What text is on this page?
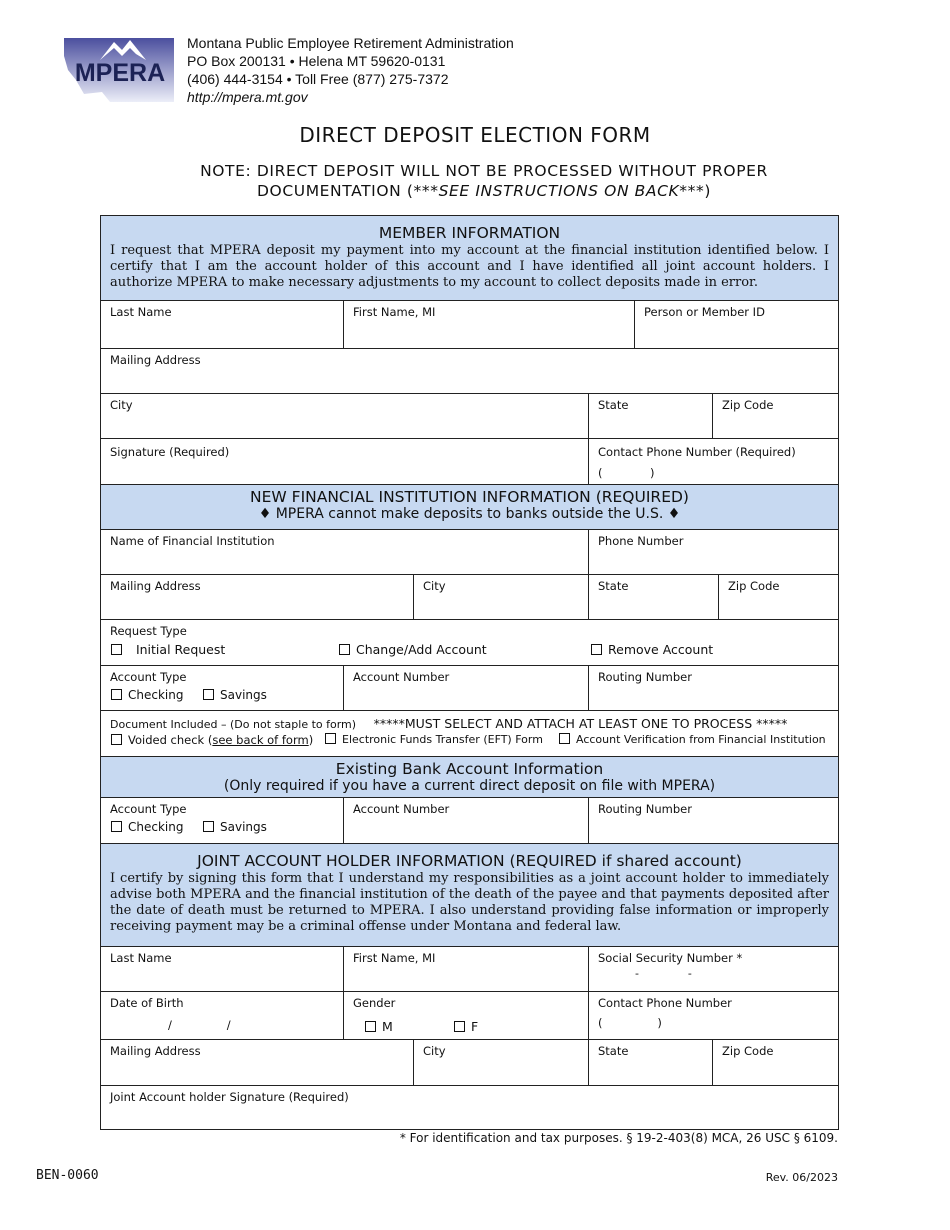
MPERA
Montana Public Employee Retirement Administration
PO Box 200131 • Helena MT 59620-0131
(406) 444-3154 • Toll Free (877) 275-7372
http://mpera.mt.gov
DIRECT DEPOSIT ELECTION FORM
NOTE: DIRECT DEPOSIT WILL NOT BE PROCESSED WITHOUT PROPER
DOCUMENTATION (***SEE INSTRUCTIONS ON BACK***)
MEMBER INFORMATION
I request that MPERA deposit my payment into my account at the financial institution identified below. I certify that I am the account holder of this account and I have identified all joint account holders. I authorize MPERA to make necessary adjustments to my account to collect deposits made in error.
Last Name	First Name, MI	Person or Member ID
Mailing Address
City	State	Zip Code
Signature (Required)	Contact Phone Number (Required)
(             )
NEW FINANCIAL INSTITUTION INFORMATION (REQUIRED)
♦ MPERA cannot make deposits to banks outside the U.S. ♦
Name of Financial Institution	Phone Number
Mailing Address	City	State	Zip Code
Request Type
Initial Request	Change/Add Account	Remove Account
Account Type
Checking	Savings
Account Number	Routing Number
Document Included – (Do not staple to form) *****MUST SELECT AND ATTACH AT LEAST ONE TO PROCESS *****
Voided check (see back of form)	Electronic Funds Transfer (EFT) Form	Account Verification from Financial Institution
Existing Bank Account Information
(Only required if you have a current direct deposit on file with MPERA)
Account Type
Checking	Savings
Account Number	Routing Number
JOINT ACCOUNT HOLDER INFORMATION (REQUIRED if shared account)
I certify by signing this form that I understand my responsibilities as a joint account holder to immediately advise both MPERA and the financial institution of the death of the payee and that payments deposited after the date of death must be returned to MPERA. I also understand providing false information or improperly receiving payment may be a criminal offense under Montana and federal law.
Last Name	First Name, MI	Social Security Number *
-              -
Date of Birth
/               /
Gender
M	F
Contact Phone Number
(               )
Mailing Address	City	State	Zip Code
Joint Account holder Signature (Required)
* For identification and tax purposes. § 19-2-403(8) MCA, 26 USC § 6109.
BEN-0060	Rev. 06/2023
